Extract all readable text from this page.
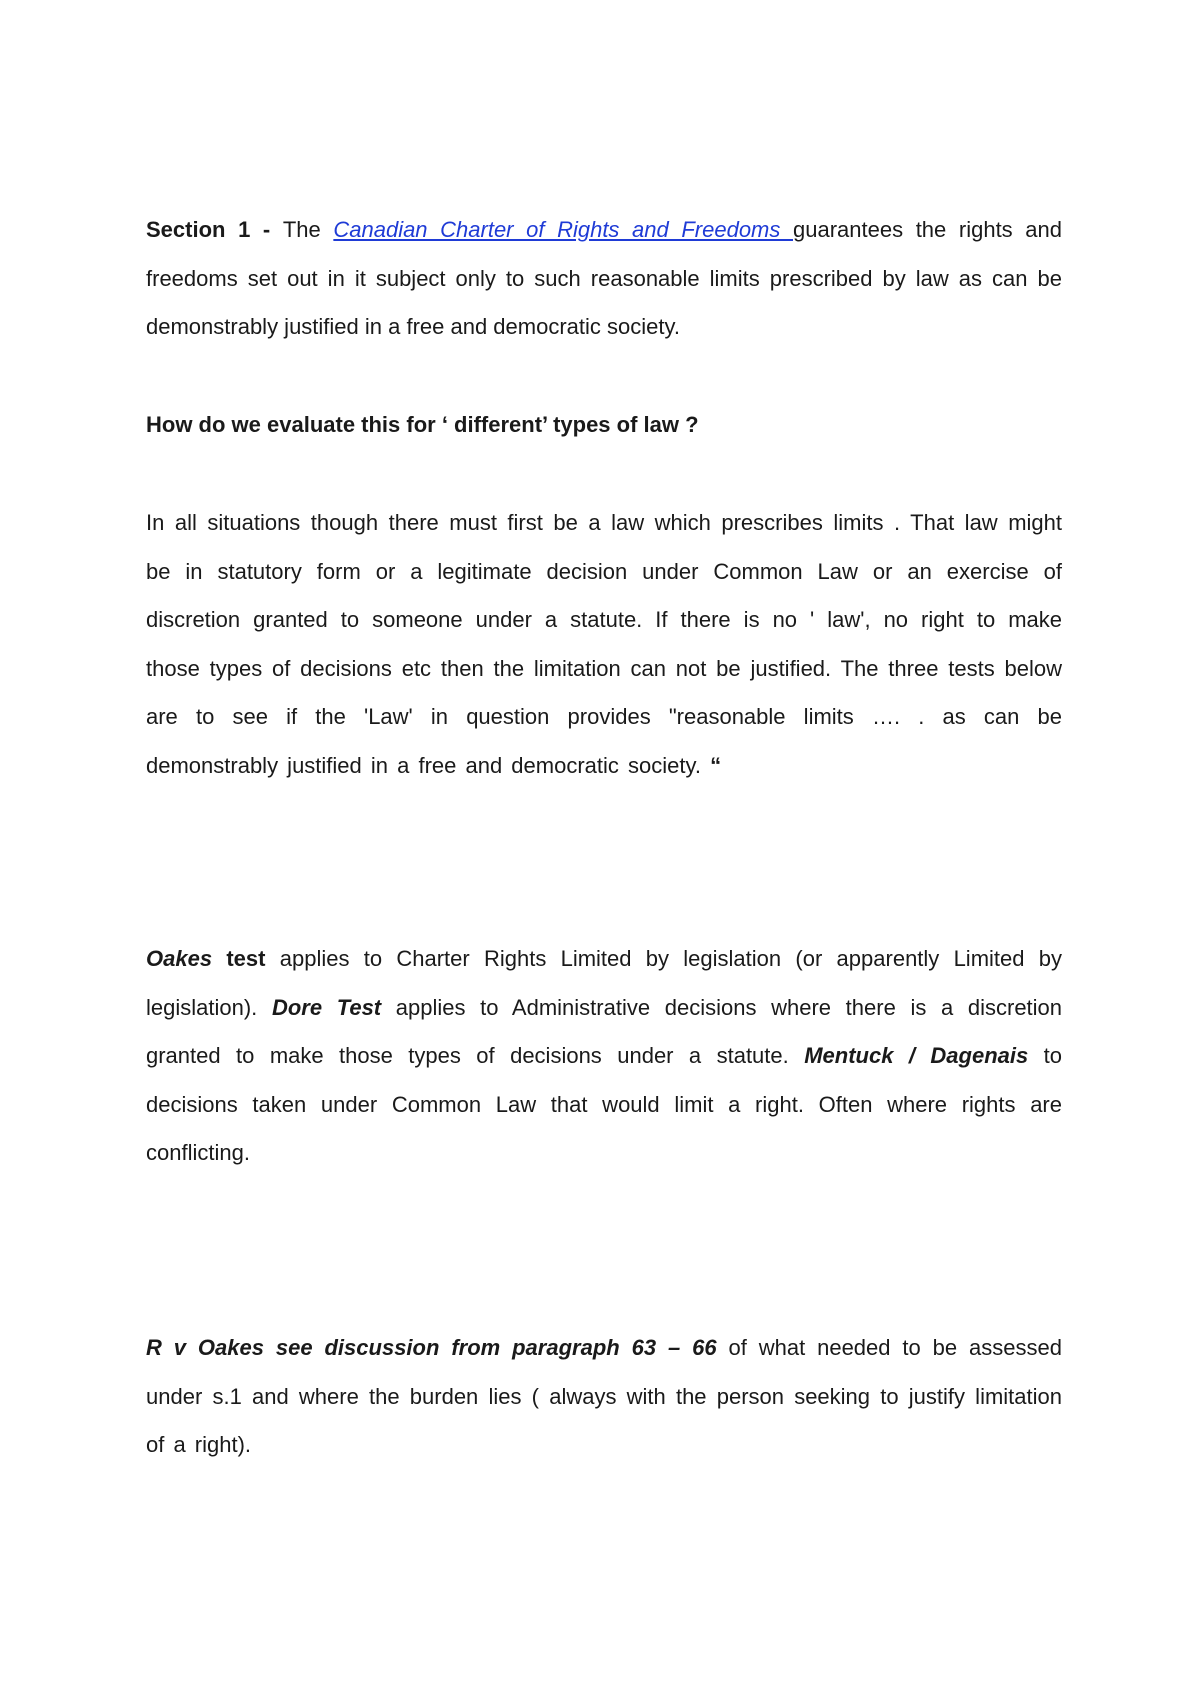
Section 1 - The Canadian Charter of Rights and Freedoms guarantees the rights and freedoms set out in it subject only to such reasonable limits prescribed by law as can be demonstrably justified in a free and democratic society.

How do we evaluate this for ‘ different’ types of law ?

In all situations though there must first be a law which prescribes limits . That law might be in statutory form or a legitimate decision under Common Law or an exercise of discretion granted to someone under a statute. If there is no ' law', no right to make those types of decisions etc then the limitation can not be justified. The three tests below are to see if the 'Law' in question provides "reasonable limits …. . as can be demonstrably justified in a free and democratic society. “

Oakes test applies to Charter Rights Limited by legislation (or apparently Limited by legislation). Dore Test applies to Administrative decisions where there is a discretion granted to make those types of decisions under a statute. Mentuck / Dagenais to decisions taken under Common Law that would limit a right. Often where rights are conflicting.

R v Oakes see discussion from paragraph 63 – 66 of what needed to be assessed under s.1 and where the burden lies ( always with the person seeking to justify limitation of a right).
